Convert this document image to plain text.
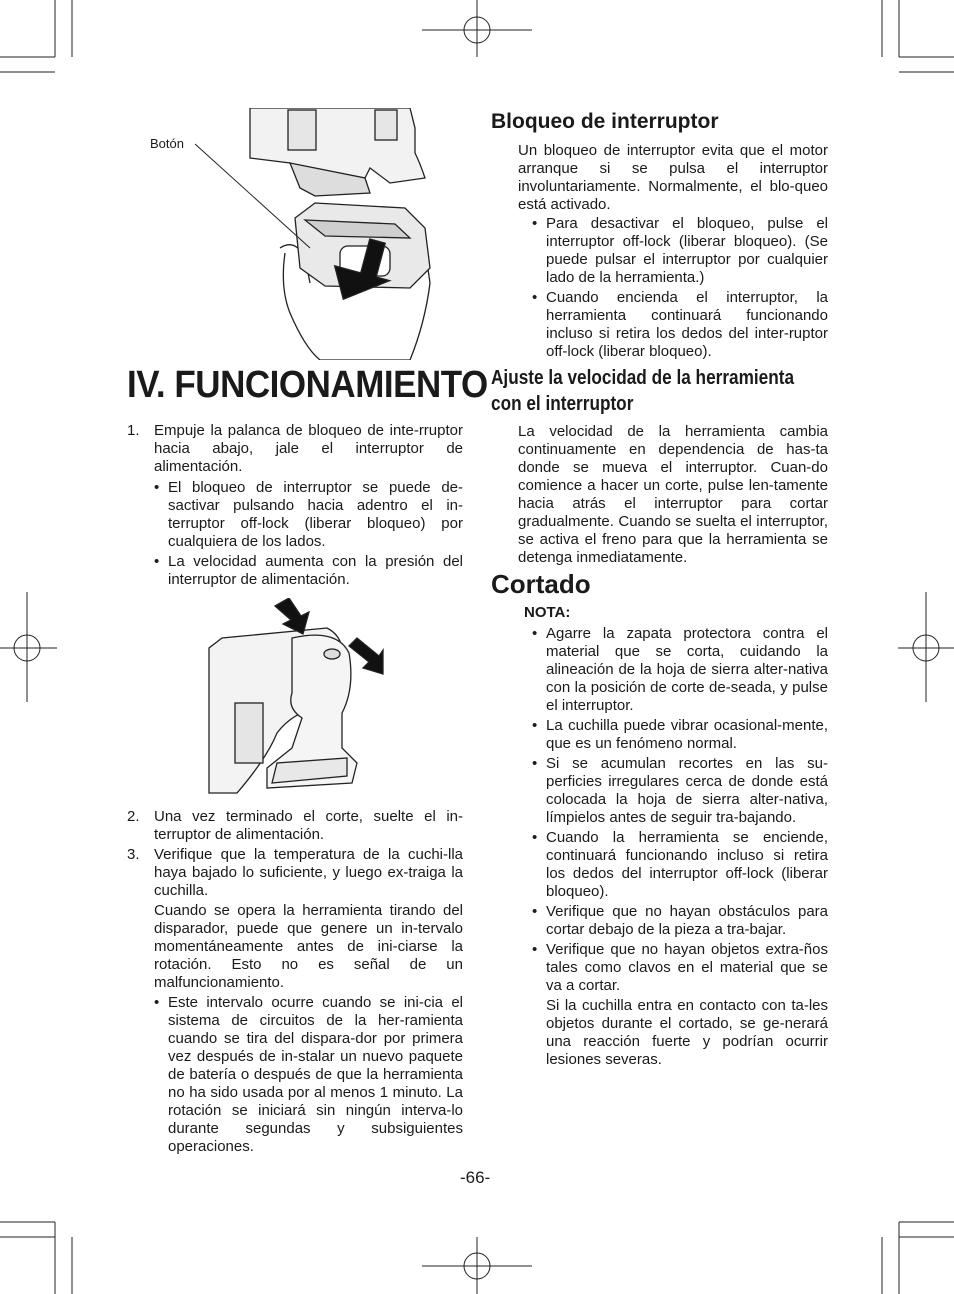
Botón
IV. FUNCIONAMIENTO
1. Empuje la palanca de bloqueo de inte-rruptor hacia abajo, jale el interruptor de alimentación.
• El bloqueo de interruptor se puede de-sactivar pulsando hacia adentro el in-terruptor off-lock (liberar bloqueo) por cualquiera de los lados.
• La velocidad aumenta con la presión del interruptor de alimentación.
2. Una vez terminado el corte, suelte el in-terruptor de alimentación.
3. Verifique que la temperatura de la cuchi-lla haya bajado lo suficiente, y luego ex-traiga la cuchilla.
Cuando se opera la herramienta tirando del disparador, puede que genere un in-tervalo momentáneamente antes de ini-ciarse la rotación. Esto no es señal de un malfuncionamiento.
• Este intervalo ocurre cuando se ini-cia el sistema de circuitos de la her-ramienta cuando se tira del dispara-dor por primera vez después de in-stalar un nuevo paquete de batería o después de que la herramienta no ha sido usada por al menos 1 minuto. La rotación se iniciará sin ningún interva-lo durante segundas y subsiguientes operaciones.
Bloqueo de interruptor
Un bloqueo de interruptor evita que el motor arranque si se pulsa el interruptor involuntariamente. Normalmente, el blo-queo está activado.
• Para desactivar el bloqueo, pulse el interruptor off-lock (liberar bloqueo). (Se puede pulsar el interruptor por cualquier lado de la herramienta.)
• Cuando encienda el interruptor, la herramienta continuará funcionando incluso si retira los dedos del inter-ruptor off-lock (liberar bloqueo).
Ajuste la velocidad de la herramienta con el interruptor
La velocidad de la herramienta cambia continuamente en dependencia de has-ta donde se mueva el interruptor. Cuan-do comience a hacer un corte, pulse len-tamente hacia atrás el interruptor para cortar gradualmente. Cuando se suelta el interruptor, se activa el freno para que la herramienta se detenga inmediatamente.
Cortado
NOTA:
• Agarre la zapata protectora contra el material que se corta, cuidando la alineación de la hoja de sierra alter-nativa con la posición de corte de-seada, y pulse el interruptor.
• La cuchilla puede vibrar ocasional-mente, que es un fenómeno normal.
• Si se acumulan recortes en las su-perficies irregulares cerca de donde está colocada la hoja de sierra alter-nativa, límpielos antes de seguir tra-bajando.
• Cuando la herramienta se enciende, continuará funcionando incluso si retira los dedos del interruptor off-lock (liberar bloqueo).
• Verifique que no hayan obstáculos para cortar debajo de la pieza a tra-bajar.
• Verifique que no hayan objetos extra-ños tales como clavos en el material que se va a cortar.
Si la cuchilla entra en contacto con ta-les objetos durante el cortado, se ge-nerará una reacción fuerte y podrían ocurrir lesiones severas.
-66-
